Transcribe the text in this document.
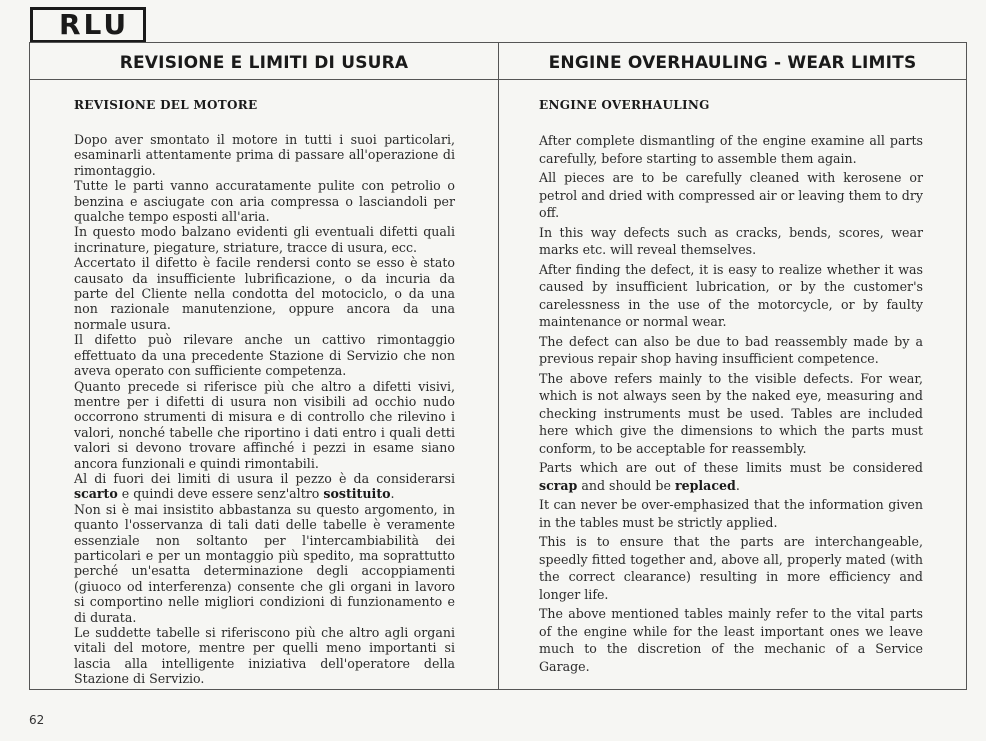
RLU
REVISIONE E LIMITI DI USURA	ENGINE OVERHAULING - WEAR LIMITS
REVISIONE DEL MOTORE

Dopo aver smontato il motore in tutti i suoi particolari, esaminarli attentamente prima di passare all'operazione di rimontaggio.

Tutte le parti vanno accuratamente pulite con petrolio o benzina e asciugate con aria compressa o lasciandoli per qualche tempo esposti all'aria.

In questo modo balzano evidenti gli eventuali difetti quali incrinature, piegature, striature, tracce di usura, ecc.

Accertato il difetto è facile rendersi conto se esso è stato causato da insufficiente lubrificazione, o da incuria da parte del Cliente nella condotta del motociclo, o da una non razionale manutenzione, oppure ancora da una normale usura.

Il difetto può rilevare anche un cattivo rimontaggio effettuato da una precedente Stazione di Servizio che non aveva operato con sufficiente competenza.

Quanto precede si riferisce più che altro a difetti visivi, mentre per i difetti di usura non visibili ad occhio nudo occorrono strumenti di misura e di controllo che rilevino i valori, nonché tabelle che riportino i dati entro i quali detti valori si devono trovare affinché i pezzi in esame siano ancora funzionali e quindi rimontabili.

Al di fuori dei limiti di usura il pezzo è da considerarsi scarto e quindi deve essere senz'altro sostituito.

Non si è mai insistito abbastanza su questo argomento, in quanto l'osservanza di tali dati delle tabelle è veramente essenziale non soltanto per l'intercambiabilità dei particolari e per un montaggio più spedito, ma soprattutto perché un'esatta determinazione degli accoppiamenti (giuoco od interferenza) consente che gli organi in lavoro si comportino nelle migliori condizioni di funzionamento e di durata.

Le suddette tabelle si riferiscono più che altro agli organi vitali del motore, mentre per quelli meno importanti si lascia alla intelligente iniziativa dell'operatore della Stazione di Servizio.

ENGINE OVERHAULING

After complete dismantling of the engine examine all parts carefully, before starting to assemble them again.

All pieces are to be carefully cleaned with kerosene or petrol and dried with compressed air or leaving them to dry off.

In this way defects such as cracks, bends, scores, wear marks etc. will reveal themselves.

After finding the defect, it is easy to realize whether it was caused by insufficient lubrication, or by the customer's carelessness in the use of the motorcycle, or by faulty maintenance or normal wear.

The defect can also be due to bad reassembly made by a previous repair shop having insufficient competence.

The above refers mainly to the visible defects. For wear, which is not always seen by the naked eye, measuring and checking instruments must be used. Tables are included here which give the dimensions to which the parts must conform, to be acceptable for reassembly.

Parts which are out of these limits must be considered scrap and should be replaced.

It can never be over-emphasized that the information given in the tables must be strictly applied.

This is to ensure that the parts are interchangeable, speedly fitted together and, above all, properly mated (with the correct clearance) resulting in more efficiency and longer life.

The above mentioned tables mainly refer to the vital parts of the engine while for the least important ones we leave much to the discretion of the mechanic of a Service Garage.

62
